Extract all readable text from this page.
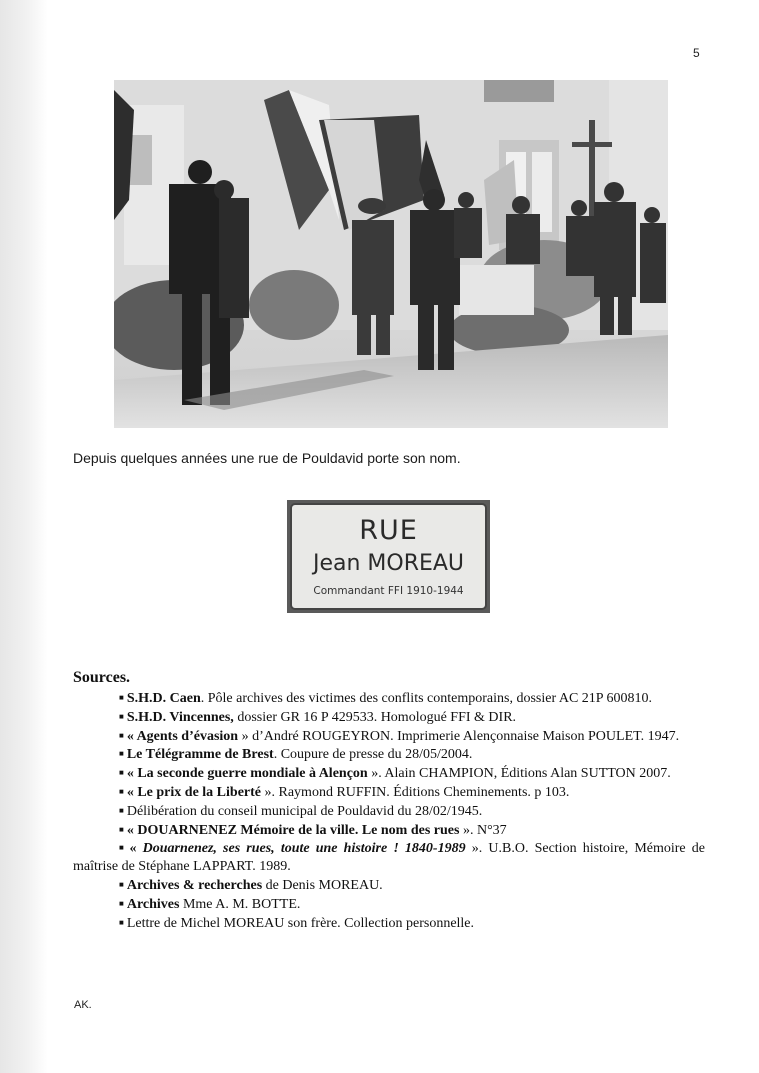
5
Depuis quelques années une rue de Pouldavid porte son nom.
RUE
Jean MOREAU
Commandant FFI 1910-1944
Sources.

■ S.H.D. Caen. Pôle archives des victimes des conflits contemporains, dossier AC 21P 600810.

■ S.H.D. Vincennes, dossier GR 16 P 429533. Homologué FFI & DIR.

■ « Agents d’évasion » d’André ROUGEYRON. Imprimerie Alençonnaise Maison POULET. 1947.

■ Le Télégramme de Brest. Coupure de presse du 28/05/2004.

■ « La seconde guerre mondiale à Alençon ». Alain CHAMPION, Éditions Alan SUTTON 2007.

■ « Le prix de la Liberté ». Raymond RUFFIN. Éditions Cheminements. p 103.

■ Délibération du conseil municipal de Pouldavid du 28/02/1945.

■ « DOUARNENEZ Mémoire de la ville. Le nom des rues ». N°37

■ « Douarnenez, ses rues, toute une histoire ! 1840-1989 ». U.B.O. Section histoire, Mémoire de maîtrise de Stéphane LAPPART. 1989.

■ Archives & recherches de Denis MOREAU.

■ Archives Mme A. M. BOTTE.

■ Lettre de Michel MOREAU son frère. Collection personnelle.

AK.
